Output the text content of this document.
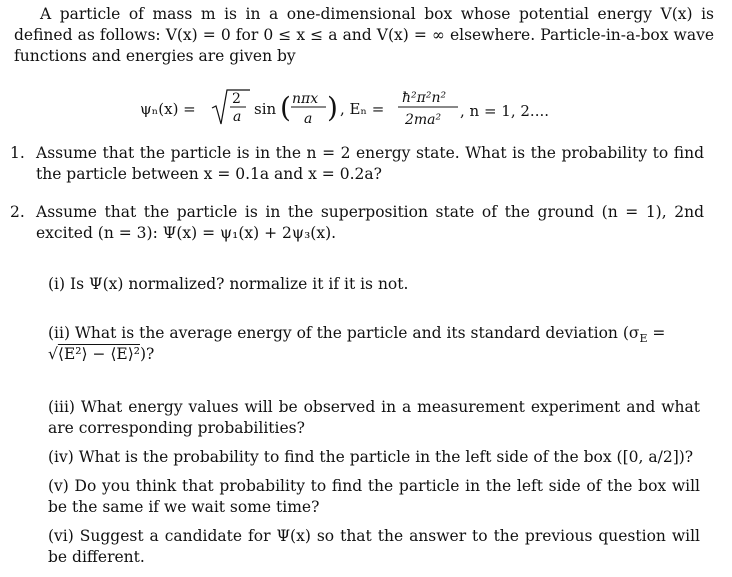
A particle of mass m is in a one-dimensional box whose potential energy V(x) is defined as follows: V(x) = 0 for 0 ≤ x ≤ a and V(x) = ∞ elsewhere. Particle-in-a-box wave functions and energies are given by
ψₙ(x) =
2
a sin ( nπx
a ) , Eₙ =
ħ²π²n²
2ma² , n = 1, 2....
1. Assume that the particle is in the n = 2 energy state. What is the probability to find the particle between x = 0.1a and x = 0.2a?
2. Assume that the particle is in the superposition state of the ground (n = 1), 2nd excited (n = 3): Ψ(x) = ψ₁(x) + 2ψ₃(x).
(i) Is Ψ(x) normalized? normalize it if it is not.
(ii) What is the average energy of the particle and its standard deviation ($\sigma_E$ =
√⟨E²⟩ − ⟨E⟩²)?
(iii) What energy values will be observed in a measurement experiment and what are corresponding probabilities?
(iv) What is the probability to find the particle in the left side of the box ([0, a/2])?
(v) Do you think that probability to find the particle in the left side of the box will be the same if we wait some time?
(vi) Suggest a candidate for Ψ(x) so that the answer to the previous question will be different.
